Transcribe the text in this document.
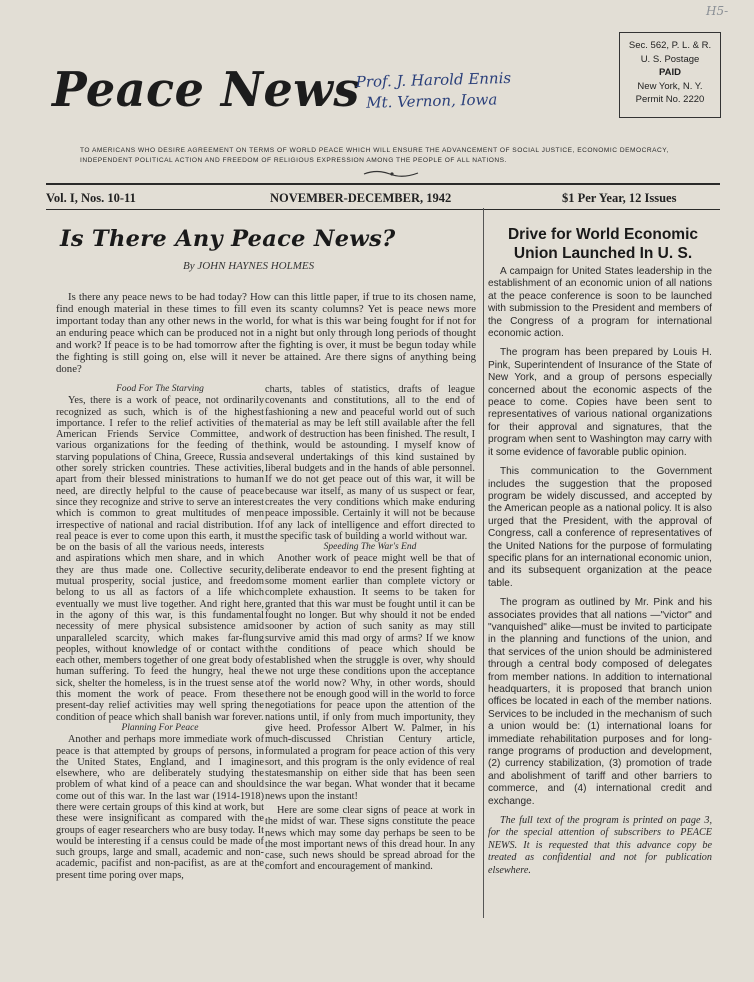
H5-
Peace News
Prof. J. Harold Ennis
Mt. Vernon, Iowa
Sec. 562, P. L. & R.
U. S. Postage
PAID
New York, N. Y.
Permit No. 2220
TO AMERICANS WHO DESIRE AGREEMENT ON TERMS OF WORLD PEACE WHICH WILL ENSURE THE ADVANCEMENT OF SOCIAL JUSTICE, ECONOMIC DEMOCRACY, INDEPENDENT POLITICAL ACTION AND FREEDOM OF RELIGIOUS EXPRESSION AMONG THE PEOPLE OF ALL NATIONS.
Vol. I, Nos. 10-11	NOVEMBER-DECEMBER, 1942	$1 Per Year, 12 Issues
Is There Any Peace News?
By JOHN HAYNES HOLMES

Is there any peace news to be had today? How can this little paper, if true to its chosen name, find enough material in these times to fill even its scanty columns? Yet is peace news more important today than any other news in the world, for what is this war being fought for if not for an enduring peace which can be produced not in a night but only through long periods of thought and work? If peace is to be had tomorrow after the fighting is over, it must be begun today while the fighting is still going on, else will it never be attained. Are there signs of anything being done?

Food For The Starving

Yes, there is a work of peace, not ordinarily recognized as such, which is of the highest importance. I refer to the relief activities of the American Friends Service Committee, and various organizations for the feeding of the starving populations of China, Greece, Russia and other sorely stricken countries. These activities, apart from their blessed ministrations to human need, are directly helpful to the cause of peace since they recognize and strive to serve an interest which is common to great multitudes of men irrespective of national and racial distribution. If real peace is ever to come upon this earth, it must be on the basis of all the various needs, interests and aspirations which men share, and in which they are thus made one. Collective security, mutual prosperity, social justice, and freedom belong to us all as factors of a life which eventually we must live together. And right here, in the agony of this war, is this fundamental necessity of mere physical subsistence amid unparalleled scarcity, which makes far-flung peoples, without knowledge of or contact with each other, members together of one great body of human suffering. To feed the hungry, heal the sick, shelter the homeless, is in the truest sense at this moment the work of peace. From these present-day relief activities may well spring the condition of peace which shall banish war forever.

Planning For Peace

Another and perhaps more immediate work of peace is that attempted by groups of persons, in the United States, England, and I imagine elsewhere, who are deliberately studying the problem of what kind of a peace can and should come out of this war. In the last war (1914-1918) there were certain groups of this kind at work, but these were insignificant as compared with the groups of eager researchers who are busy today. It would be interesting if a census could be made of such groups, large and small, academic and non-academic, pacifist and non-pacifist, as are at the present time poring over maps,

charts, tables of statistics, drafts of league covenants and constitutions, all to the end of fashioning a new and peaceful world out of such material as may be left still available after the fell work of destruction has been finished. The result, I think, would be astounding. I myself know of several undertakings of this kind sustained by liberal budgets and in the hands of able personnel. If we do not get peace out of this war, it will be because war itself, as many of us suspect or fear, creates the very conditions which make enduring peace impossible. Certainly it will not be because of any lack of intelligence and effort directed to the specific task of building a world without war.

Speeding The War's End

Another work of peace might well be that of deliberate endeavor to end the present fighting at some moment earlier than complete victory or complete exhaustion. It seems to be taken for granted that this war must be fought until it can be fought no longer. But why should it not be ended sooner by action of such sanity as may still survive amid this mad orgy of arms? If we know the conditions of peace which should be established when the struggle is over, why should we not urge these conditions upon the acceptance of the world now? Why, in other words, should there not be enough good will in the world to force negotiations for peace upon the attention of the nations until, if only from much importunity, they give heed. Professor Albert W. Palmer, in his much-discussed Christian Century article, formulated a program for peace action of this very sort, and this program is the only evidence of real statesmanship on either side that has been seen since the war began. What wonder that it became news upon the instant!

Here are some clear signs of peace at work in the midst of war. These signs constitute the peace news which may some day perhaps be seen to be the most important news of this dread hour. In any case, such news should be spread abroad for the comfort and encouragement of mankind.

Drive for World Economic Union Launched In U. S.

A campaign for United States leadership in the establishment of an economic union of all nations at the peace conference is soon to be launched with submission to the President and members of the Congress of a program for international economic action.

The program has been prepared by Louis H. Pink, Superintendent of Insurance of the State of New York, and a group of persons especially concerned about the economic aspects of the peace to come. Copies have been sent to representatives of various national organizations for their approval and signatures, that the program when sent to Washington may carry with it some evidence of favorable public opinion.

This communication to the Government includes the suggestion that the proposed program be widely discussed, and accepted by the American people as a national policy. It is also urged that the President, with the approval of Congress, call a conference of representatives of the United Nations for the purpose of formulating specific plans for an international economic union, and its subsequent organization at the peace table.

The program as outlined by Mr. Pink and his associates provides that all nations —"victor" and "vanquished" alike—must be invited to participate in the planning and functions of the union, and that services of the union should be administered through a central body composed of delegates from member nations. In addition to international headquarters, it is proposed that branch union offices be located in each of the member nations. Services to be included in the mechanism of such a union would be: (1) international loans for immediate rehabilitation purposes and for long-range programs of production and development, (2) currency stabilization, (3) promotion of trade and abolishment of tariff and other barriers to commerce, and (4) international credit and exchange.

The full text of the program is printed on page 3, for the special attention of subscribers to PEACE NEWS. It is requested that this advance copy be treated as confidential and not for publication elsewhere.
